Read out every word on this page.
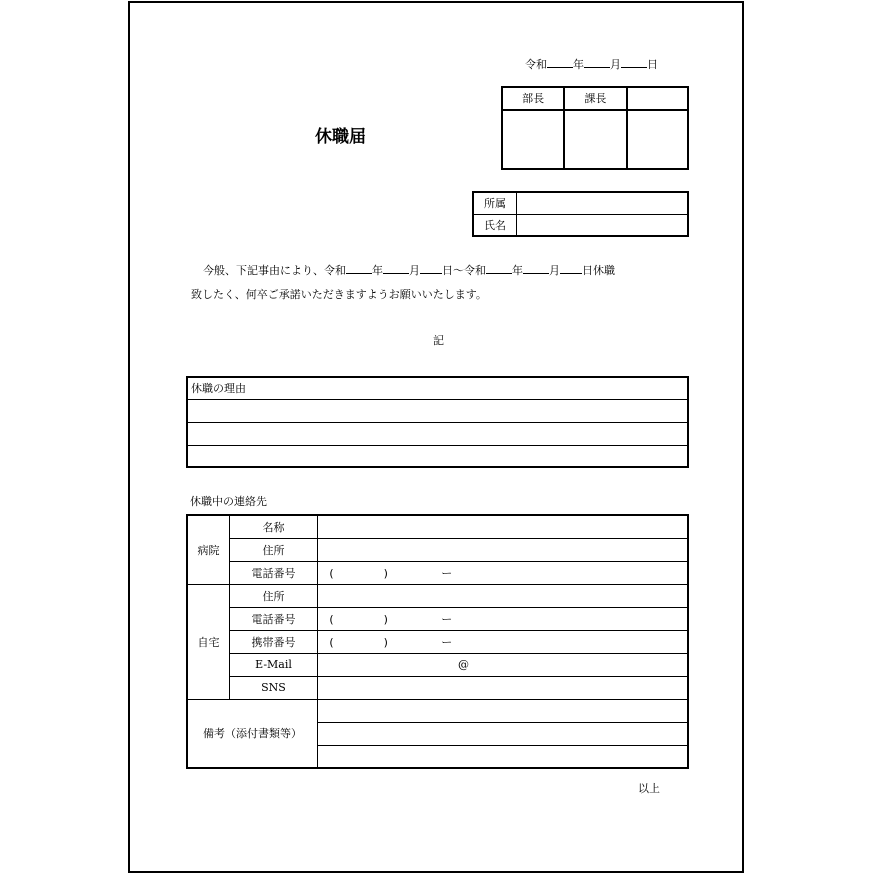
令和 年 月 日
休職届
部長	課長	

所属	
氏名	
今般、下記事由により、令和 年 月 日～令和 年 月 日休職
致したく、何卒ご承諾いただきますようお願いいたします。
記
休職の理由

休職中の連絡先
病院	名称	
	住所	
	電話番号	( ) ー
自宅	住所	
	電話番号	( ) ー
	携帯番号	( ) ー
	E-Mail	@
	SNS	
備考（添付書類等）		

以上
